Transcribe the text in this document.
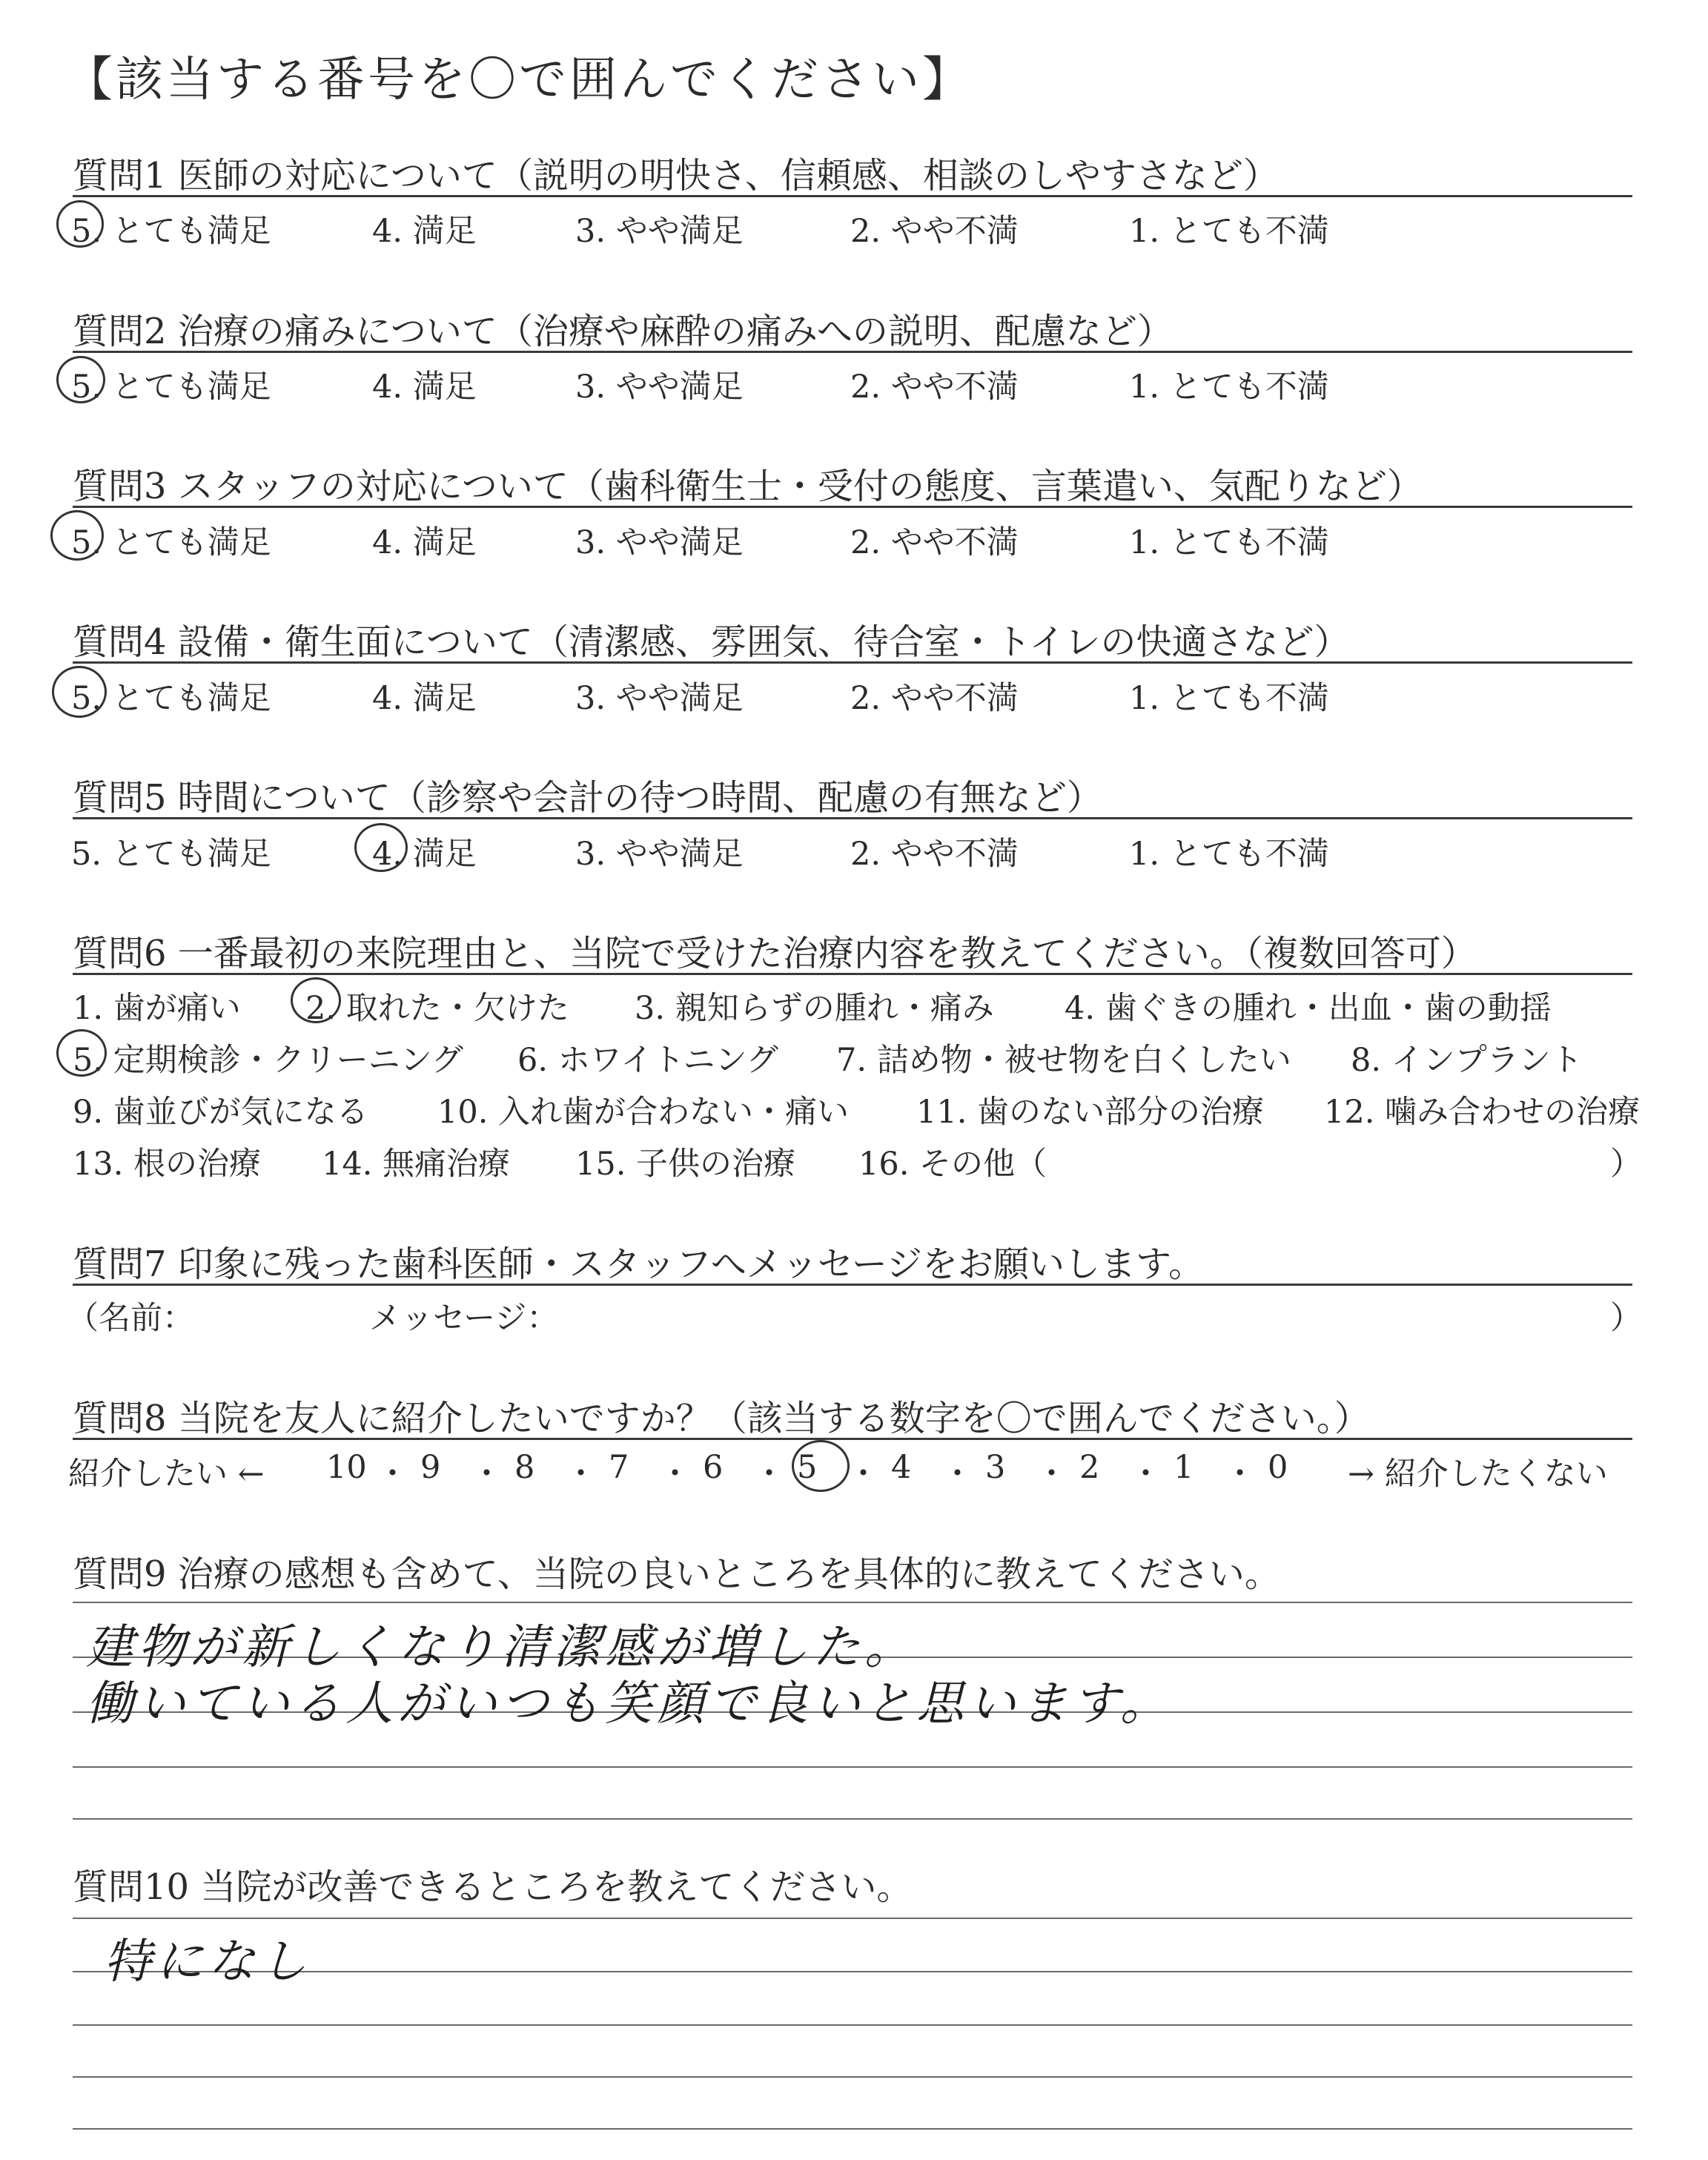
【該当する番号を〇で囲んでください】
質問1 医師の対応について（説明の明快さ、信頼感、相談のしやすさなど）
5. とても満足	4. 満足	3. やや満足	2. やや不満	1. とても不満
質問2 治療の痛みについて（治療や麻酔の痛みへの説明、配慮など）
5. とても満足	4. 満足	3. やや満足	2. やや不満	1. とても不満
質問3 スタッフの対応について（歯科衛生士・受付の態度、言葉遣い、気配りなど）
5. とても満足	4. 満足	3. やや満足	2. やや不満	1. とても不満
質問4 設備・衛生面について（清潔感、雰囲気、待合室・トイレの快適さなど）
5. とても満足	4. 満足	3. やや満足	2. やや不満	1. とても不満
質問5 時間について（診察や会計の待つ時間、配慮の有無など）
5. とても満足	4. 満足	3. やや満足	2. やや不満	1. とても不満
質問6 一番最初の来院理由と、当院で受けた治療内容を教えてください。（複数回答可）
1. 歯が痛い 2. 取れた・欠けた 3. 親知らずの腫れ・痛み 4. 歯ぐきの腫れ・出血・歯の動揺
5. 定期検診・クリーニング 6. ホワイトニング 7. 詰め物・被せ物を白くしたい 8. インプラント
9. 歯並びが気になる 10. 入れ歯が合わない・痛い 11. 歯のない部分の治療 12. 噛み合わせの治療
13. 根の治療 14. 無痛治療 15. 子供の治療 16. その他（	）
質問7 印象に残った歯科医師・スタッフへメッセージをお願いします。
（名前：	メッセージ：	）
質問8 当院を友人に紹介したいですか？（該当する数字を〇で囲んでください。）
紹介したい ← 10 ・ 9 ・ 8 ・ 7 ・ 6 ・ 5 ・ 4 ・ 3 ・ 2 ・ 1 ・ 0 → 紹介したくない
質問9 治療の感想も含めて、当院の良いところを具体的に教えてください。
建物が新しくなり清潔感が増した。
働いている人がいつも笑顔で良いと思います。
質問10 当院が改善できるところを教えてください。
特になし
